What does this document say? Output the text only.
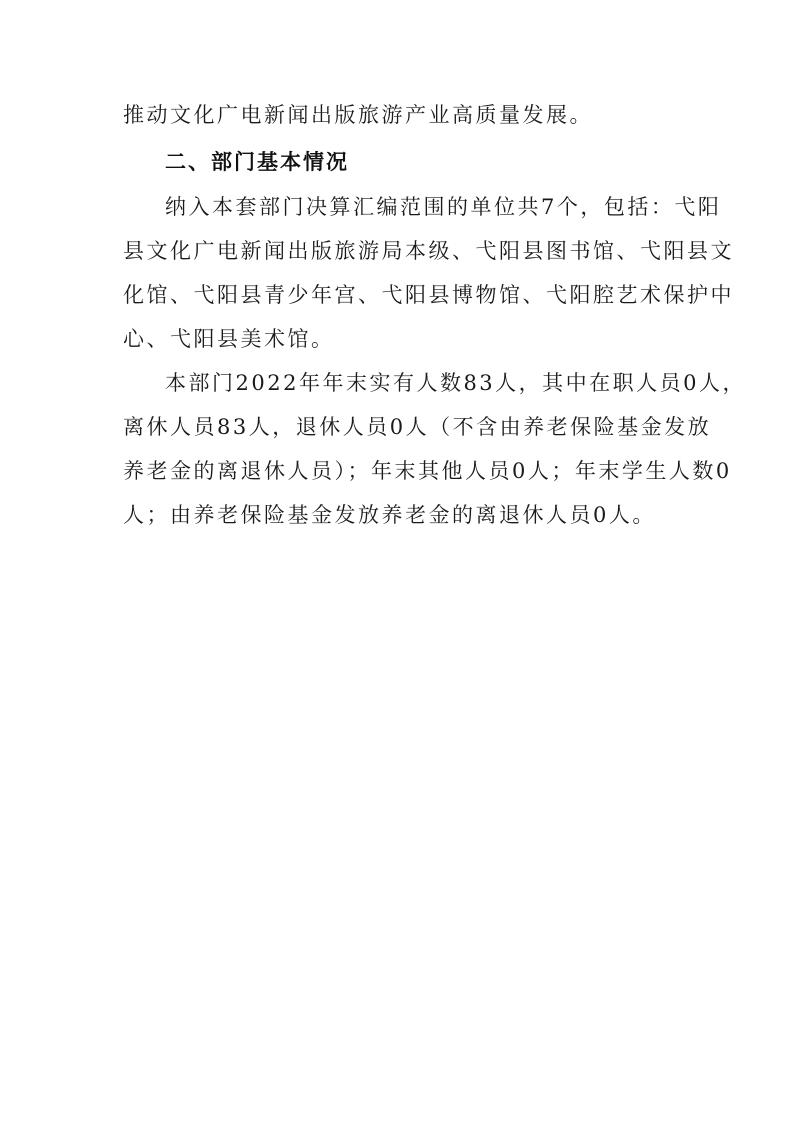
推动文化广电新闻出版旅游产业高质量发展。
二、部门基本情况
纳入本套部门决算汇编范围的单位共7个，包括：弋阳
县文化广电新闻出版旅游局本级、弋阳县图书馆、弋阳县文
化馆、弋阳县青少年宫、弋阳县博物馆、弋阳腔艺术保护中
心、弋阳县美术馆。
本部门2022年年末实有人数83人，其中在职人员0人，
离休人员83人，退休人员0人（不含由养老保险基金发放
养老金的离退休人员）；年末其他人员0人；年末学生人数0
人；由养老保险基金发放养老金的离退休人员0人。
